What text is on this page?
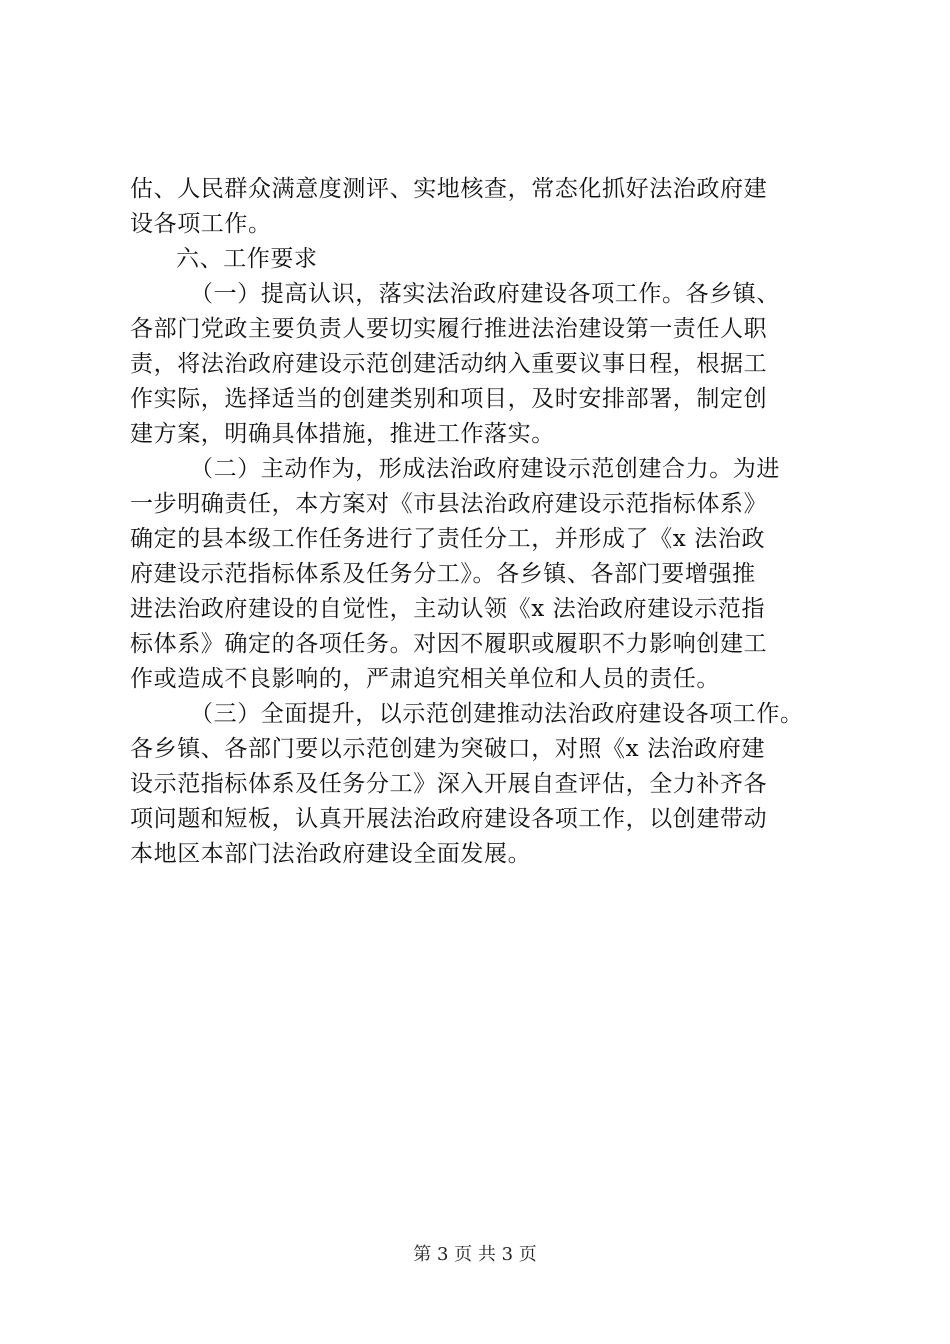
估、人民群众满意度测评、实地核查，常态化抓好法治政府建
设各项工作。
六、工作要求
（一）提高认识，落实法治政府建设各项工作。各乡镇、
各部门党政主要负责人要切实履行推进法治建设第一责任人职
责，将法治政府建设示范创建活动纳入重要议事日程，根据工
作实际，选择适当的创建类别和项目，及时安排部署，制定创
建方案，明确具体措施，推进工作落实。
（二）主动作为，形成法治政府建设示范创建合力。为进
一步明确责任，本方案对《市县法治政府建设示范指标体系》
确定的县本级工作任务进行了责任分工，并形成了《x 法治政
府建设示范指标体系及任务分工》。各乡镇、各部门要增强推
进法治政府建设的自觉性，主动认领《x 法治政府建设示范指
标体系》确定的各项任务。对因不履职或履职不力影响创建工
作或造成不良影响的，严肃追究相关单位和人员的责任。
（三）全面提升，以示范创建推动法治政府建设各项工作。
各乡镇、各部门要以示范创建为突破口，对照《x 法治政府建
设示范指标体系及任务分工》深入开展自查评估，全力补齐各
项问题和短板，认真开展法治政府建设各项工作，以创建带动
本地区本部门法治政府建设全面发展。
第 3 页 共 3 页
